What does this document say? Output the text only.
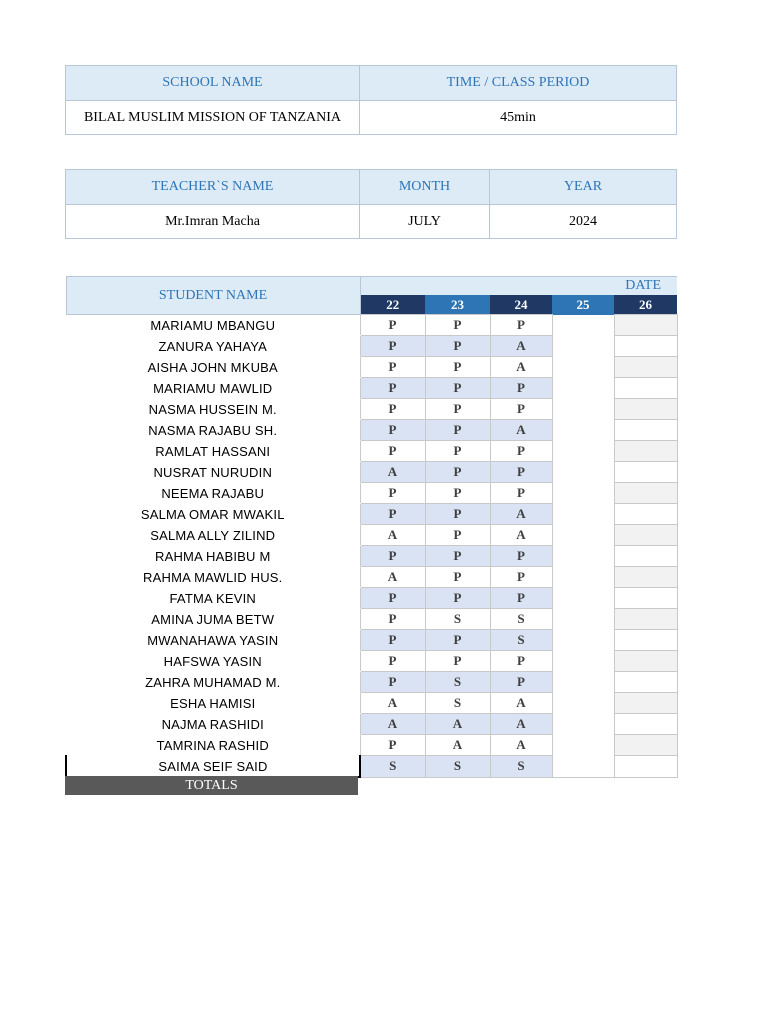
SCHOOL NAME	TIME / CLASS PERIOD
BILAL MUSLIM MISSION OF TANZANIA	45min
TEACHER`S NAME	MONTH	YEAR
Mr.Imran Macha	JULY	2024
STUDENT NAME	DATE				
	22	23	24	25	26
MARIAMU MBANGU	P	P	P		
ZANURA YAHAYA	P	P	A		
AISHA JOHN MKUBA	P	P	A		
MARIAMU MAWLID	P	P	P		
NASMA HUSSEIN M.	P	P	P		
NASMA RAJABU SH.	P	P	A		
RAMLAT HASSANI	P	P	P		
NUSRAT NURUDIN	A	P	P		
NEEMA RAJABU	P	P	P		
SALMA OMAR MWAKIL	P	P	A		
SALMA ALLY ZILIND	A	P	A		
RAHMA HABIBU M	P	P	P		
RAHMA MAWLID HUS.	A	P	P		
FATMA KEVIN	P	P	P		
AMINA JUMA BETW	P	S	S		
MWANAHAWA YASIN	P	P	S		
HAFSWA YASIN	P	P	P		
ZAHRA MUHAMAD M.	P	S	P		
ESHA HAMISI	A	S	A		
NAJMA RASHIDI	A	A	A		
TAMRINA RASHID	P	A	A		
SAIMA SEIF SAID	S	S	S		
TOTALS
